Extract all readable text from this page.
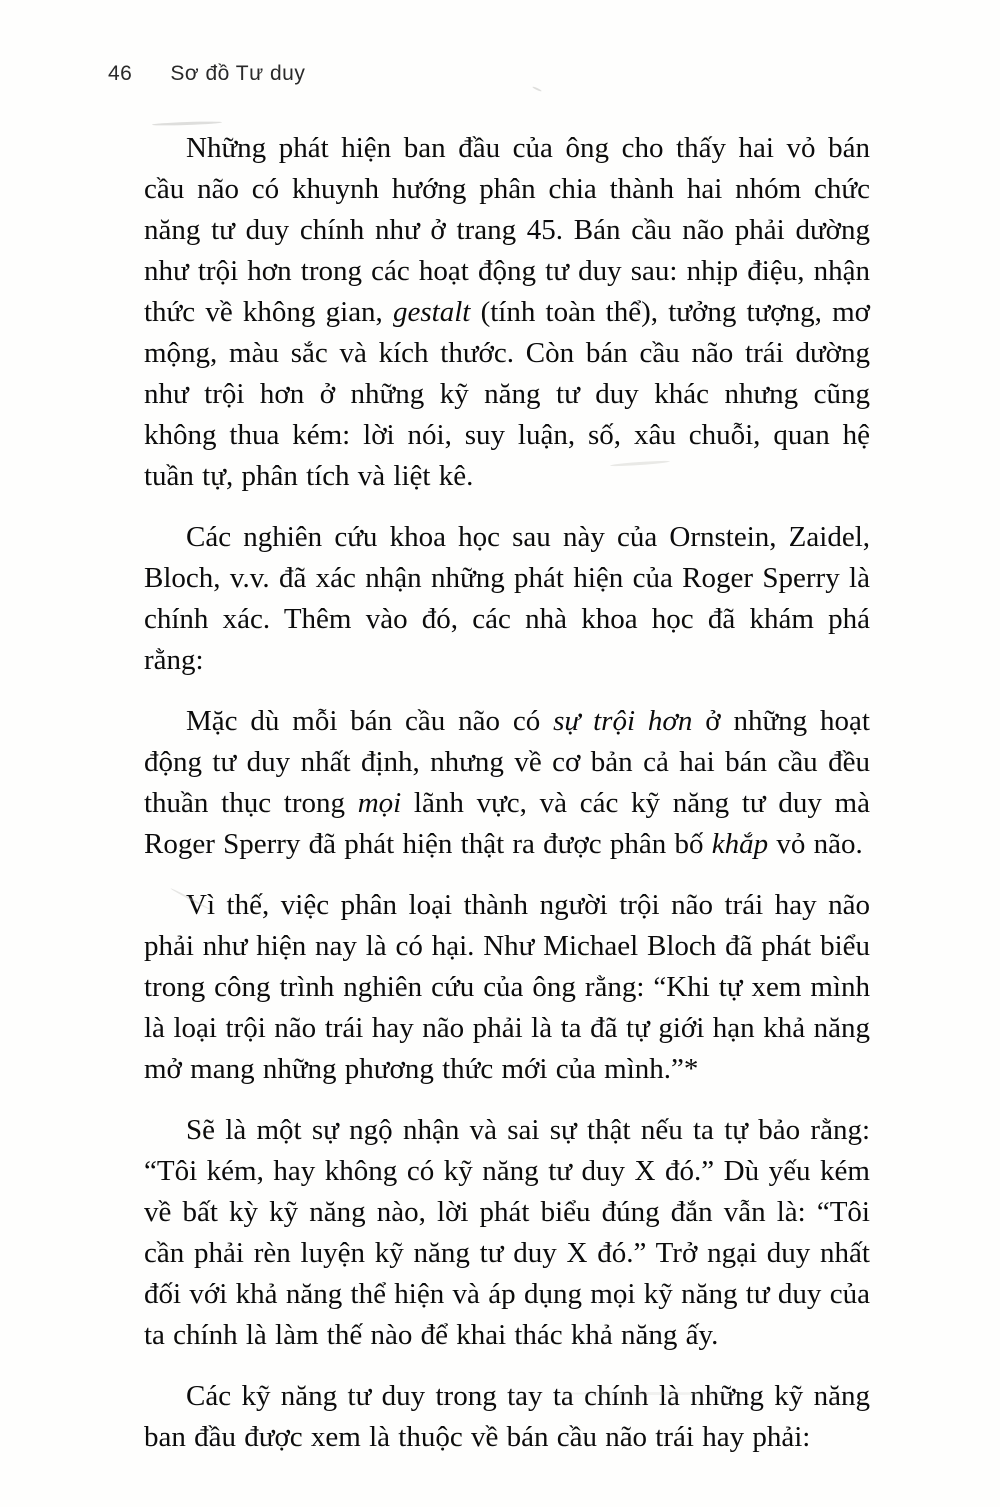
46 Sơ đồ Tư duy

Những phát hiện ban đầu của ông cho thấy hai vỏ bán cầu não có khuynh hướng phân chia thành hai nhóm chức năng tư duy chính như ở trang 45. Bán cầu não phải dường như trội hơn trong các hoạt động tư duy sau: nhịp điệu, nhận thức về không gian, gestalt (tính toàn thể), tưởng tượng, mơ mộng, màu sắc và kích thước. Còn bán cầu não trái dường như trội hơn ở những kỹ năng tư duy khác nhưng cũng không thua kém: lời nói, suy luận, số, xâu chuỗi, quan hệ tuần tự, phân tích và liệt kê.

Các nghiên cứu khoa học sau này của Ornstein, Zaidel, Bloch, v.v. đã xác nhận những phát hiện của Roger Sperry là chính xác. Thêm vào đó, các nhà khoa học đã khám phá rằng:

Mặc dù mỗi bán cầu não có sự trội hơn ở những hoạt động tư duy nhất định, nhưng về cơ bản cả hai bán cầu đều thuần thục trong mọi lãnh vực, và các kỹ năng tư duy mà Roger Sperry đã phát hiện thật ra được phân bố khắp vỏ não.

Vì thế, việc phân loại thành người trội não trái hay não phải như hiện nay là có hại. Như Michael Bloch đã phát biểu trong công trình nghiên cứu của ông rằng: “Khi tự xem mình là loại trội não trái hay não phải là ta đã tự giới hạn khả năng mở mang những phương thức mới của mình.”*

Sẽ là một sự ngộ nhận và sai sự thật nếu ta tự bảo rằng: “Tôi kém, hay không có kỹ năng tư duy X đó.” Dù yếu kém về bất kỳ kỹ năng nào, lời phát biểu đúng đắn vẫn là: “Tôi cần phải rèn luyện kỹ năng tư duy X đó.” Trở ngại duy nhất đối với khả năng thể hiện và áp dụng mọi kỹ năng tư duy của ta chính là làm thế nào để khai thác khả năng ấy.

Các kỹ năng tư duy trong tay ta chính là những kỹ năng ban đầu được xem là thuộc về bán cầu não trái hay phải:
